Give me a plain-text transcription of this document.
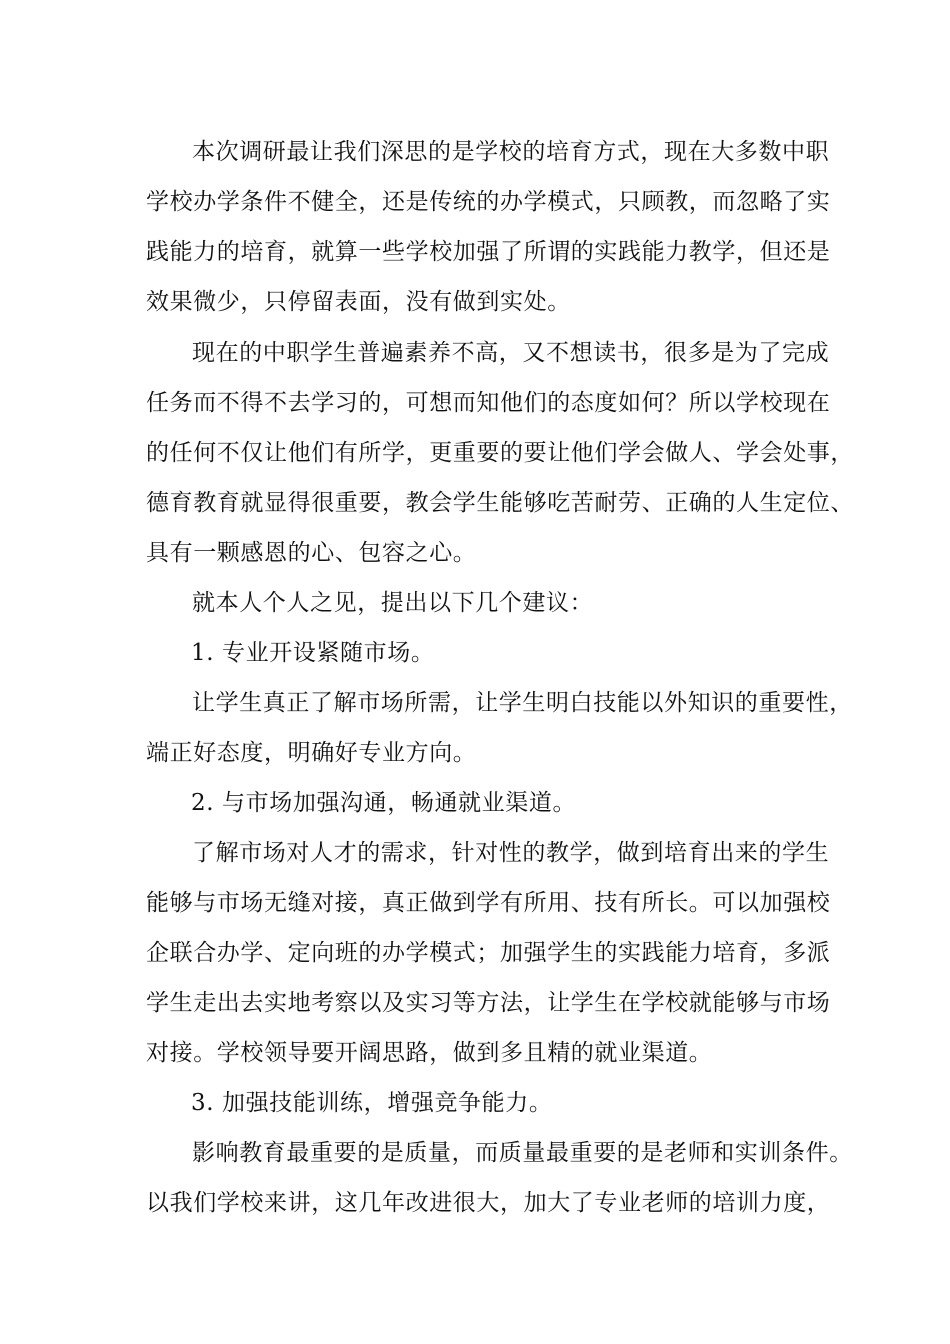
本次调研最让我们深思的是学校的培育方式，现在大多数中职
学校办学条件不健全，还是传统的办学模式，只顾教，而忽略了实
践能力的培育，就算一些学校加强了所谓的实践能力教学，但还是
效果微少，只停留表面，没有做到实处。
现在的中职学生普遍素养不高，又不想读书，很多是为了完成
任务而不得不去学习的，可想而知他们的态度如何？所以学校现在
的任何不仅让他们有所学，更重要的要让他们学会做人、学会处事，
德育教育就显得很重要，教会学生能够吃苦耐劳、正确的人生定位、
具有一颗感恩的心、包容之心。
就本人个人之见，提出以下几个建议：
1. 专业开设紧随市场。
让学生真正了解市场所需，让学生明白技能以外知识的重要性，
端正好态度，明确好专业方向。
2. 与市场加强沟通，畅通就业渠道。
了解市场对人才的需求，针对性的教学，做到培育出来的学生
能够与市场无缝对接，真正做到学有所用、技有所长。可以加强校
企联合办学、定向班的办学模式；加强学生的实践能力培育，多派
学生走出去实地考察以及实习等方法，让学生在学校就能够与市场
对接。学校领导要开阔思路，做到多且精的就业渠道。
3. 加强技能训练，增强竞争能力。
影响教育最重要的是质量，而质量最重要的是老师和实训条件。
以我们学校来讲，这几年改进很大，加大了专业老师的培训力度，
